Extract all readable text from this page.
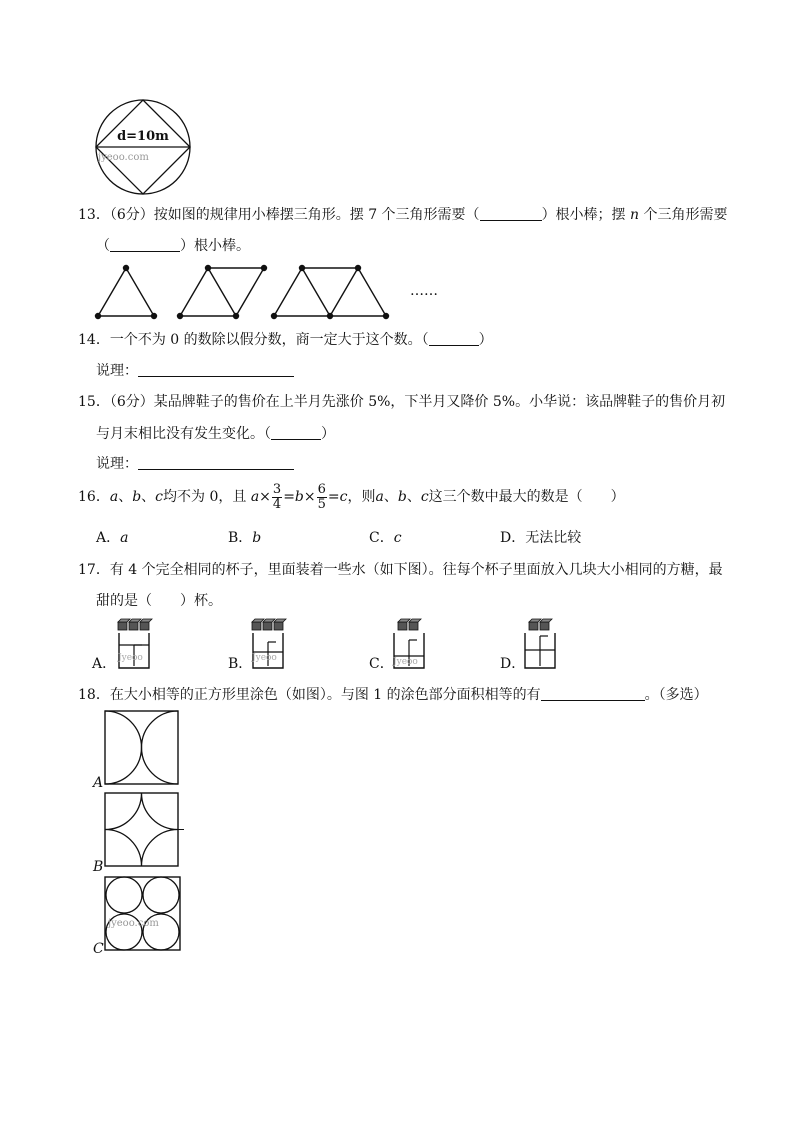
d=10m
jyeoo.com
13．（6分）按如图的规律用小棒摆三角形。摆 7 个三角形需要（	）根小棒；摆 n 个三角形需要
（	）根小棒。
……
14．一个不为 0 的数除以假分数，商一定大于这个数。（	）
说理：
15．（6分）某品牌鞋子的售价在上半月先涨价 5%，下半月又降价 5%。小华说：该品牌鞋子的售价月初
与月末相比没有发生变化。（	）
说理：
16．a、b、c均不为 0，且 $a\times \frac{3}{4} =b\times \frac{6}{5} =c$，则a、b、c这三个数中最大的数是（　　）
A．a	B．b	C．c	D．无法比较
17．有 4 个完全相同的杯子，里面装着一些水（如下图）。往每个杯子里面放入几块大小相同的方糖，最
甜的是（　　）杯。
A． Jyeoo	B． Jyeoo	C． Jyeoo	D．
18．在大小相等的正方形里涂色（如图）。与图 1 的涂色部分面积相等的有	。（多选）
A
B
C
jyeoo.com
